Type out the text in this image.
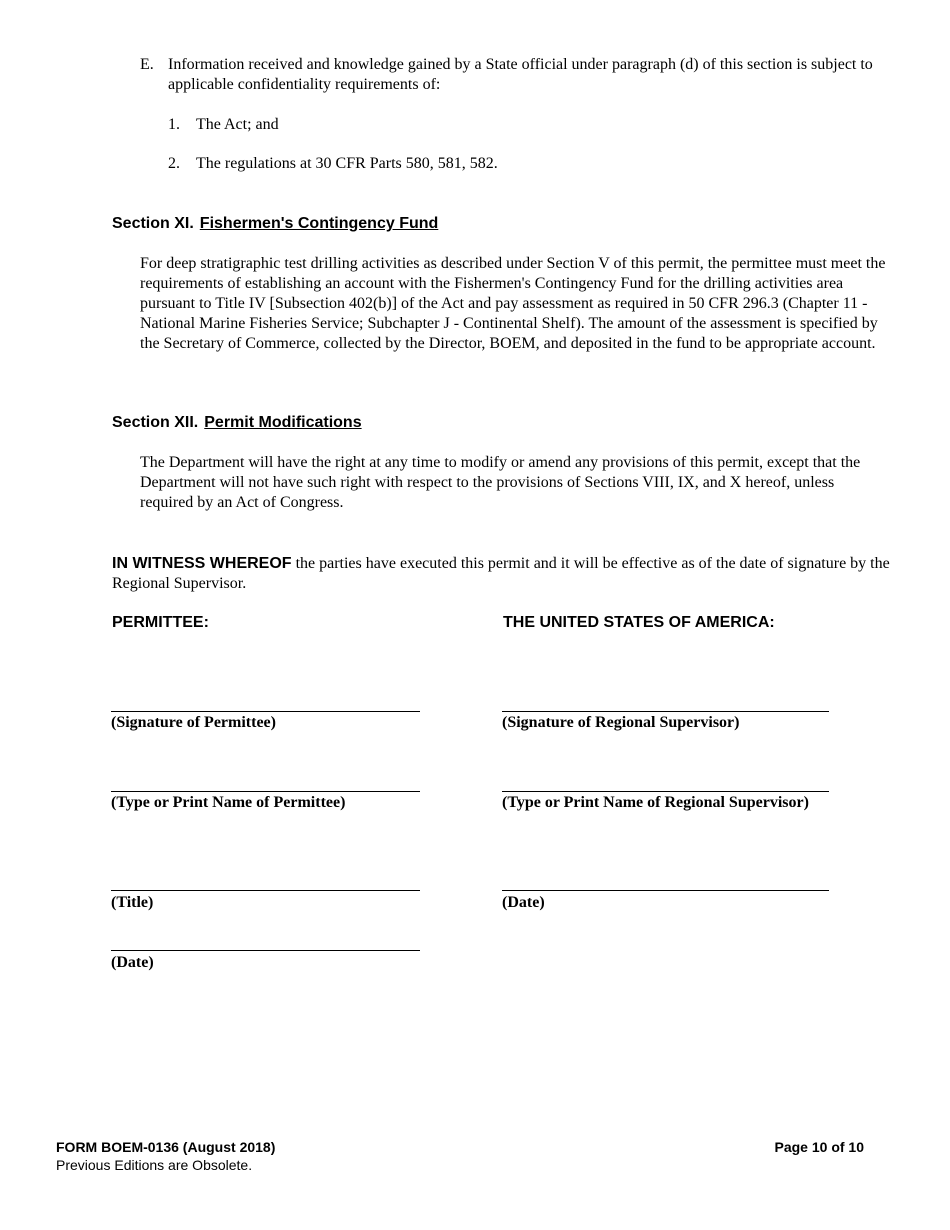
E. Information received and knowledge gained by a State official under paragraph (d) of this section is subject to applicable confidentiality requirements of:
1. The Act; and
2. The regulations at 30 CFR Parts 580, 581, 582.
Section XI. Fishermen's Contingency Fund
For deep stratigraphic test drilling activities as described under Section V of this permit, the permittee must meet the requirements of establishing an account with the Fishermen's Contingency Fund for the drilling activities area pursuant to Title IV [Subsection 402(b)] of the Act and pay assessment as required in 50 CFR 296.3 (Chapter 11 - National Marine Fisheries Service; Subchapter J - Continental Shelf). The amount of the assessment is specified by the Secretary of Commerce, collected by the Director, BOEM, and deposited in the fund to be appropriate account.
Section XII. Permit Modifications
The Department will have the right at any time to modify or amend any provisions of this permit, except that the Department will not have such right with respect to the provisions of Sections VIII, IX, and X hereof, unless required by an Act of Congress.
IN WITNESS WHEREOF the parties have executed this permit and it will be effective as of the date of signature by the Regional Supervisor.
PERMITTEE:	THE UNITED STATES OF AMERICA:
(Signature of Permittee)
(Type or Print Name of Permittee)
(Title)
(Date)
(Signature of Regional Supervisor)
(Type or Print Name of Regional Supervisor)
(Date)
FORM BOEM-0136 (August 2018)
Previous Editions are Obsolete.
Page 10 of 10
